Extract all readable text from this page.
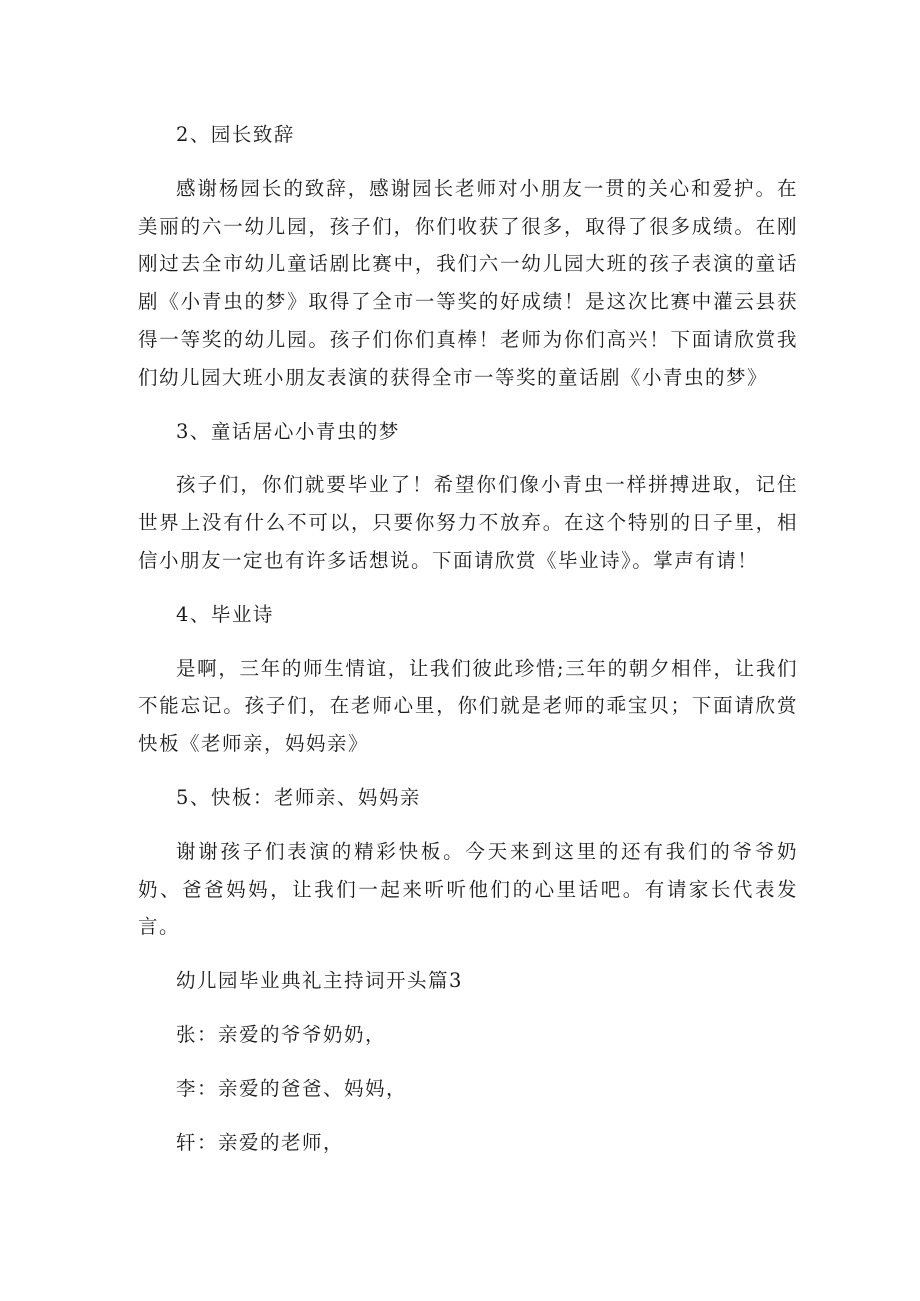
2、园长致辞

感谢杨园长的致辞，感谢园长老师对小朋友一贯的关心和爱护。在美丽的六一幼儿园，孩子们，你们收获了很多，取得了很多成绩。在刚刚过去全市幼儿童话剧比赛中，我们六一幼儿园大班的孩子表演的童话剧《小青虫的梦》取得了全市一等奖的好成绩！是这次比赛中灌云县获得一等奖的幼儿园。孩子们你们真棒！老师为你们高兴！下面请欣赏我们幼儿园大班小朋友表演的获得全市一等奖的童话剧《小青虫的梦》

3、童话居心小青虫的梦

孩子们，你们就要毕业了！希望你们像小青虫一样拼搏进取，记住世界上没有什么不可以，只要你努力不放弃。在这个特别的日子里，相信小朋友一定也有许多话想说。下面请欣赏《毕业诗》。掌声有请！

4、毕业诗

是啊，三年的师生情谊，让我们彼此珍惜;三年的朝夕相伴，让我们不能忘记。孩子们，在老师心里，你们就是老师的乖宝贝；下面请欣赏快板《老师亲，妈妈亲》

5、快板：老师亲、妈妈亲

谢谢孩子们表演的精彩快板。今天来到这里的还有我们的爷爷奶奶、爸爸妈妈，让我们一起来听听他们的心里话吧。有请家长代表发言。

幼儿园毕业典礼主持词开头篇3

张：亲爱的爷爷奶奶，

李：亲爱的爸爸、妈妈，

轩：亲爱的老师，
